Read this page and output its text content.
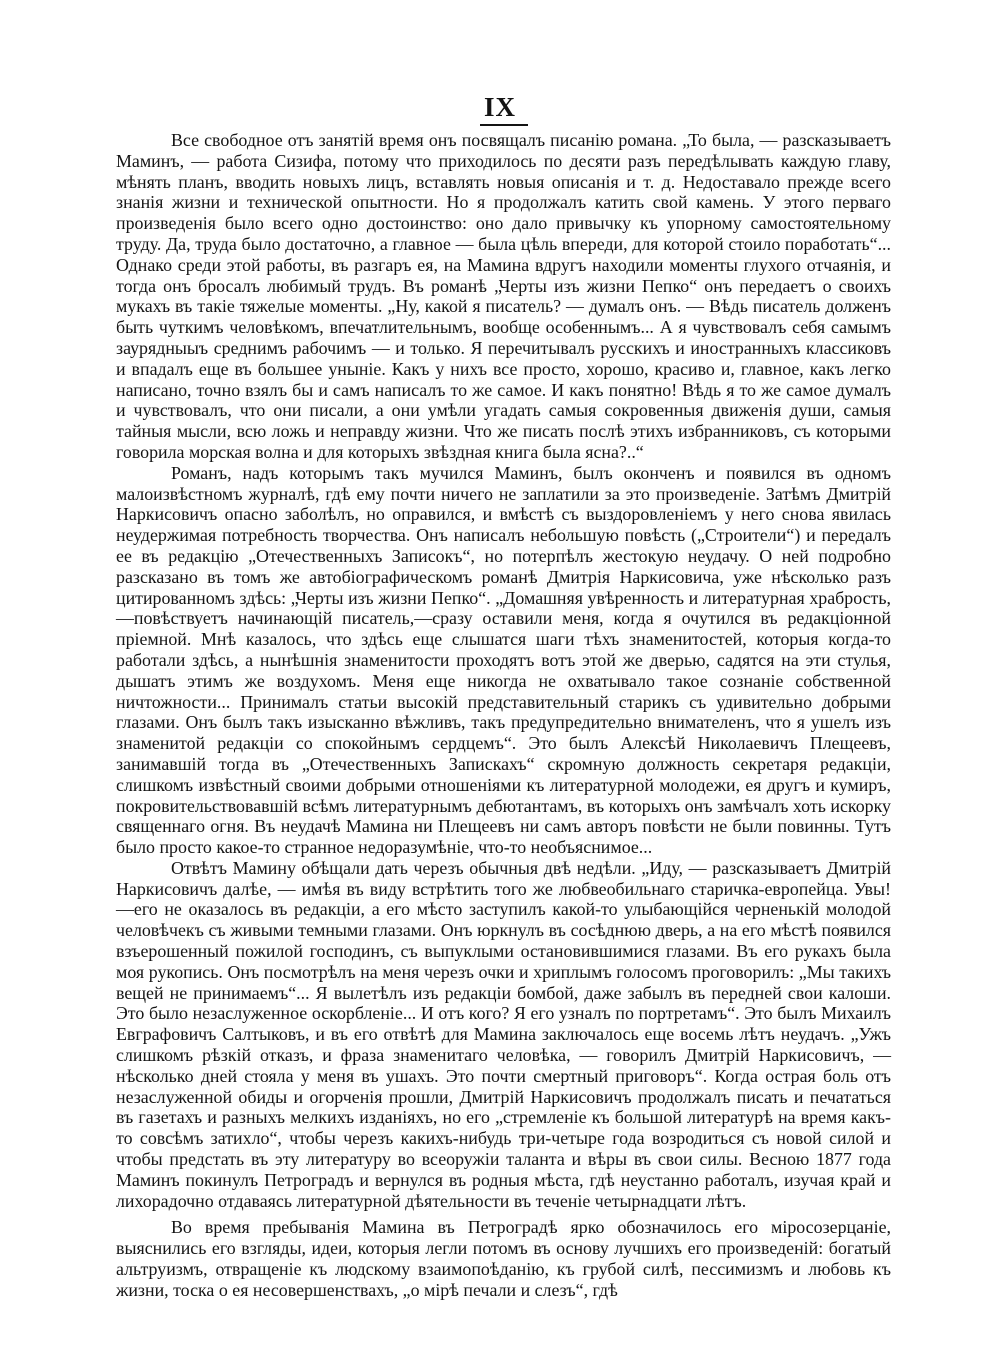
IX

Все свободное отъ занятій время онъ посвящалъ писанію романа. „То была, — разсказываетъ Маминъ, — работа Сизифа, потому что приходилось по десяти разъ передѣлывать каждую главу, мѣнять планъ, вводить новыхъ лицъ, вставлять новыя описанія и т. д. Недоставало прежде всего знанія жизни и технической опытности. Но я продолжалъ катить свой камень. У этого перваго произведенія было всего одно достоинство: оно дало привычку къ упорному самостоятельному труду. Да, труда было достаточно, а главное — была цѣль впереди, для которой стоило поработать“... Однако среди этой работы, въ разгаръ ея, на Мамина вдругъ находили моменты глухого отчаянія, и тогда онъ бросалъ любимый трудъ. Въ романѣ „Черты изъ жизни Пепко“ онъ передаетъ о своихъ мукахъ въ такіе тяжелые моменты. „Ну, какой я писатель? — думалъ онъ. — Вѣдь писатель долженъ быть чуткимъ человѣкомъ, впечатлительнымъ, вообще особеннымъ... А я чувствовалъ себя самымъ заурядныыъ среднимъ рабочимъ — и только. Я перечитывалъ русскихъ и иностранныхъ классиковъ и впадалъ еще въ большее уныніе. Какъ у нихъ все просто, хорошо, красиво и, главное, какъ легко написано, точно взялъ бы и самъ написалъ то же самое. И какъ понятно! Вѣдь я то же самое думалъ и чувствовалъ, что они писали, а они умѣли угадать самыя сокровенныя движенія души, самыя тайныя мысли, всю ложь и неправду жизни. Что же писать послѣ этихъ избранниковъ, съ которыми говорила морская волна и для которыхъ звѣздная книга была ясна?..“

Романъ, надъ которымъ такъ мучился Маминъ, былъ оконченъ и появился въ одномъ малоизвѣстномъ журналѣ, гдѣ ему почти ничего не заплатили за это произведеніе. Затѣмъ Дмитрій Наркисовичъ опасно заболѣлъ, но оправился, и вмѣстѣ съ выздоровленіемъ у него снова явилась неудержимая потребность творчества. Онъ написалъ небольшую повѣсть („Строители“) и передалъ ее въ редакцію „Отечественныхъ Записокъ“, но потерпѣлъ жестокую неудачу. О ней подробно разсказано въ томъ же автобіографическомъ романѣ Дмитрія Наркисовича, уже нѣсколько разъ цитированномъ здѣсь: „Черты изъ жизни Пепко“. „Домашняя увѣренность и литературная храбрость,—повѣствуетъ начинающій писатель,—сразу оставили меня, когда я очутился въ редакціонной пріемной. Мнѣ казалось, что здѣсь еще слышатся шаги тѣхъ знаменитостей, которыя когда-то работали здѣсь, а нынѣшнія знаменитости проходятъ вотъ этой же дверью, садятся на эти стулья, дышатъ этимъ же воздухомъ. Меня еще никогда не охватывало такое сознаніе собственной ничтожности... Принималъ статьи высокій представительный старикъ съ удивительно добрыми глазами. Онъ былъ такъ изысканно вѣжливъ, такъ предупредительно внимателенъ, что я ушелъ изъ знаменитой редакціи со спокойнымъ сердцемъ“. Это былъ Алексѣй Николаевичъ Плещеевъ, занимавшій тогда въ „Отечественныхъ Запискахъ“ скромную должность секретаря редакціи, слишкомъ извѣстный своими добрыми отношеніями къ литературной молодежи, ея другъ и кумиръ, покровительствовавшій всѣмъ литературнымъ дебютантамъ, въ которыхъ онъ замѣчалъ хоть искорку священнаго огня. Въ неудачѣ Мамина ни Плещеевъ ни самъ авторъ повѣсти не были повинны. Тутъ было просто какое-то странное недоразумѣніе, что-то необъяснимое...

Отвѣтъ Мамину обѣщали дать черезъ обычныя двѣ недѣли. „Иду, — разсказываетъ Дмитрій Наркисовичъ далѣе, — имѣя въ виду встрѣтить того же любвеобильнаго старичка-европейца. Увы!—его не оказалось въ редакціи, а его мѣсто заступилъ какой-то улыбающійся черненькій молодой человѣчекъ съ живыми темными глазами. Онъ юркнулъ въ сосѣднюю дверь, а на его мѣстѣ появился взъерошенный пожилой господинъ, съ выпуклыми остановившимися глазами. Въ его рукахъ была моя рукопись. Онъ посмотрѣлъ на меня черезъ очки и хриплымъ голосомъ проговорилъ: „Мы такихъ вещей не принимаемъ“... Я вылетѣлъ изъ редакціи бомбой, даже забылъ въ передней свои калоши. Это было незаслуженное оскорбленіе... И отъ кого? Я его узналъ по портретамъ“. Это былъ Михаилъ Евграфовичъ Салтыковъ, и въ его отвѣтѣ для Мамина заключалось еще восемь лѣтъ неудачъ. „Ужъ слишкомъ рѣзкій отказъ, и фраза знаменитаго человѣка, — говорилъ Дмитрій Наркисовичъ, — нѣсколько дней стояла у меня въ ушахъ. Это почти смертный приговоръ“. Когда острая боль отъ незаслуженной обиды и огорченія прошли, Дмитрій Наркисовичъ продолжалъ писать и печататься въ газетахъ и разныхъ мелкихъ изданіяхъ, но его „стремленіе къ большой литературѣ на время какъ-то совсѣмъ затихло“, чтобы черезъ какихъ-нибудь три-четыре года возродиться съ новой силой и чтобы предстать въ эту литературу во всеоружіи таланта и вѣры въ свои силы. Весною 1877 года Маминъ покинулъ Петроградъ и вернулся въ родныя мѣста, гдѣ неустанно работалъ, изучая край и лихорадочно отдаваясь литературной дѣятельности въ теченіе четырнадцати лѣтъ.

Во время пребыванія Мамина въ Петроградѣ ярко обозначилось его міросозерцаніе, выяснились его взгляды, идеи, которыя легли потомъ въ основу лучшихъ его произведеній: богатый альтруизмъ, отвращеніе къ людскому взаимопоѣданію, къ грубой силѣ, пессимизмъ и любовь къ жизни, тоска о ея несовершенствахъ, „о мірѣ печали и слезъ“, гдѣ
